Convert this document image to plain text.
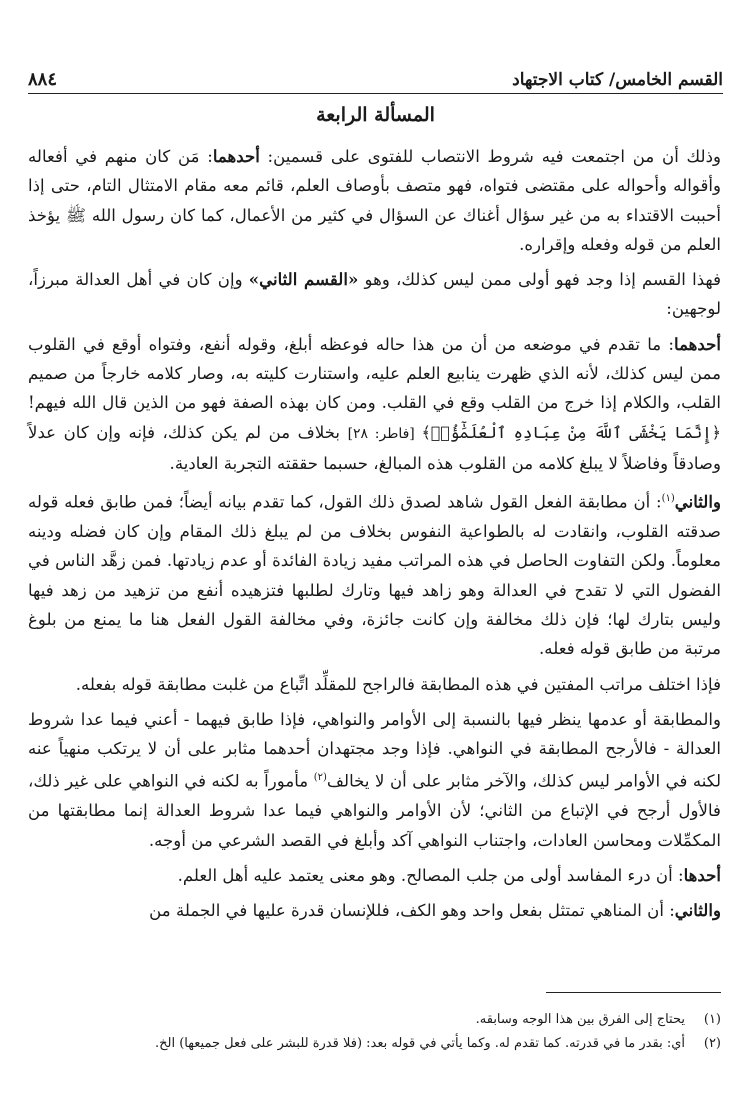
القسم الخامس/ كتاب الاجتهاد
٨٨٤
المسألة الرابعة

وذلك أن من اجتمعت فيه شروط الانتصاب للفتوى على قسمين: أحدهما: مَن كان منهم في أفعاله وأقواله وأحواله على مقتضى فتواه، فهو متصف بأوصاف العلم، قائم معه مقام الامتثال التام، حتى إذا أحببت الاقتداء به من غير سؤال أغناك عن السؤال في كثير من الأعمال، كما كان رسول الله ﷺ يؤخذ العلم من قوله وفعله وإقراره.

فهذا القسم إذا وجد فهو أولى ممن ليس كذلك، وهو «القسم الثاني» وإن كان في أهل العدالة مبرزاً، لوجهين:

أحدهما: ما تقدم في موضعه من أن من هذا حاله فوعظه أبلغ، وقوله أنفع، وفتواه أوقع في القلوب ممن ليس كذلك، لأنه الذي ظهرت ينابيع العلم عليه، واستنارت كليته به، وصار كلامه خارجاً من صميم القلب، والكلام إذا خرج من القلب وقع في القلب. ومن كان بهذه الصفة فهو من الذين قال الله فيهم! ﴿إِنَّمَا يَخْشَى ٱللَّهَ مِنْ عِبَادِهِ ٱلْعُلَمَٰٓؤُا۟﴾ [فاطر: ٢٨] بخلاف من لم يكن كذلك، فإنه وإن كان عدلاً وصادقاً وفاضلاً لا يبلغ كلامه من القلوب هذه المبالغ، حسبما حققته التجربة العادية.

والثاني$^{(١)}$: أن مطابقة الفعل القول شاهد لصدق ذلك القول، كما تقدم بيانه أيضاً؛ فمن طابق فعله قوله صدقته القلوب، وانقادت له بالطواعية النفوس بخلاف من لم يبلغ ذلك المقام وإن كان فضله ودينه معلوماً. ولكن التفاوت الحاصل في هذه المراتب مفيد زيادة الفائدة أو عدم زيادتها. فمن زهَّد الناس في الفضول التي لا تقدح في العدالة وهو زاهد فيها وتارك لطلبها فتزهيده أنفع من تزهيد من زهد فيها وليس بتارك لها؛ فإن ذلك مخالفة وإن كانت جائزة، وفي مخالفة القول الفعل هنا ما يمنع من بلوغ مرتبة من طابق قوله فعله.

فإذا اختلف مراتب المفتين في هذه المطابقة فالراجح للمقلِّد اتِّباع من غلبت مطابقة قوله بفعله.

والمطابقة أو عدمها ينظر فيها بالنسبة إلى الأوامر والنواهي، فإذا طابق فيهما - أعني فيما عدا شروط العدالة - فالأرجح المطابقة في النواهي. فإذا وجد مجتهدان أحدهما مثابر على أن لا يرتكب منهياً عنه لكنه في الأوامر ليس كذلك، والآخر مثابر على أن لا يخالف$^{(٢)}$ مأموراً به لكنه في النواهي على غير ذلك، فالأول أرجح في الإتباع من الثاني؛ لأن الأوامر والنواهي فيما عدا شروط العدالة إنما مطابقتها من المكمِّلات ومحاسن العادات، واجتناب النواهي آكد وأبلغ في القصد الشرعي من أوجه.

أحدها: أن درء المفاسد أولى من جلب المصالح. وهو معنى يعتمد عليه أهل العلم.

والثاني: أن المناهي تمتثل بفعل واحد وهو الكف، فللإنسان قدرة عليها في الجملة من

(١)
يحتاج إلى الفرق بين هذا الوجه وسابقه.
(٢)
أي: بقدر ما في قدرته. كما تقدم له. وكما يأتي في قوله بعد: (فلا قدرة للبشر على فعل جميعها) الخ.
